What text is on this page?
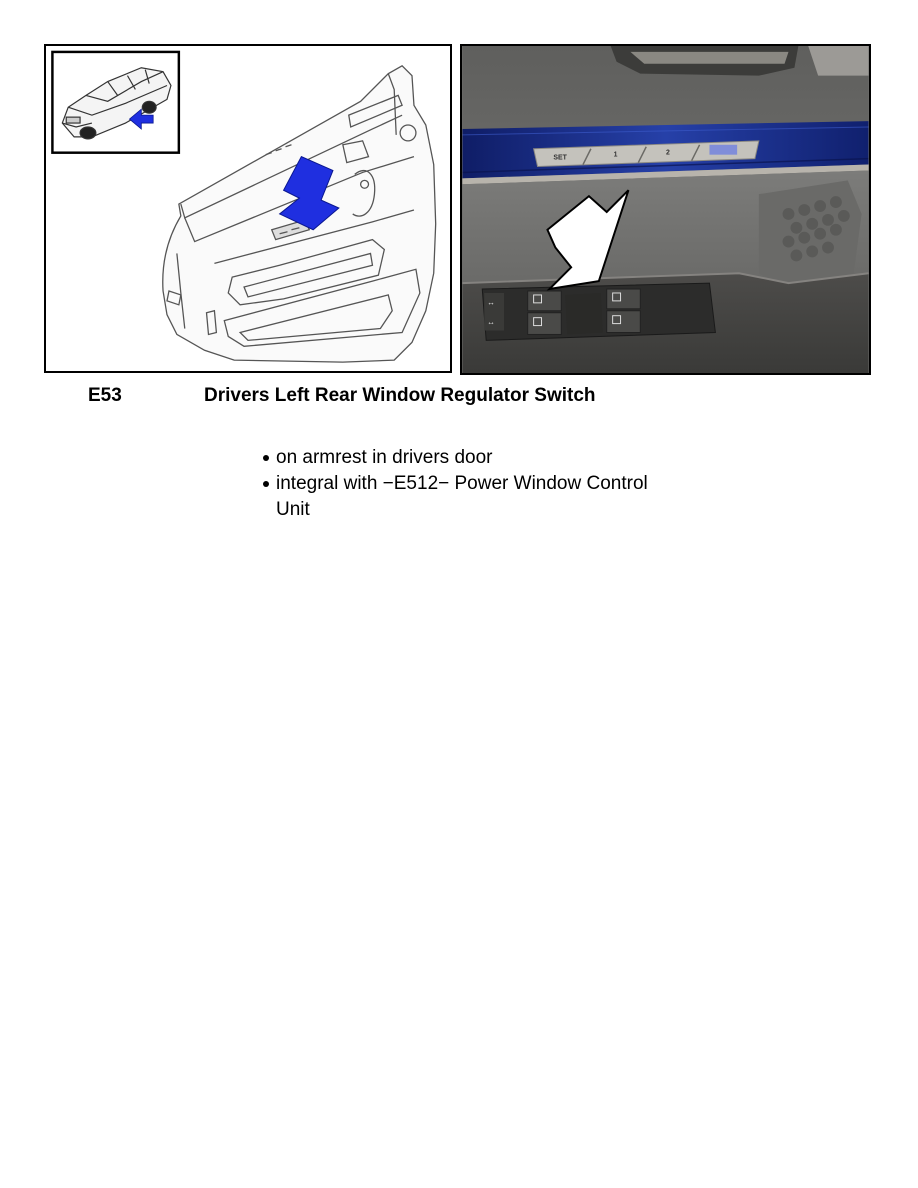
SET	1	2
↔
↔
E53	Drivers Left Rear Window Regulator Switch
on armrest in drivers door
integral with −E512− Power Window Control
Unit
